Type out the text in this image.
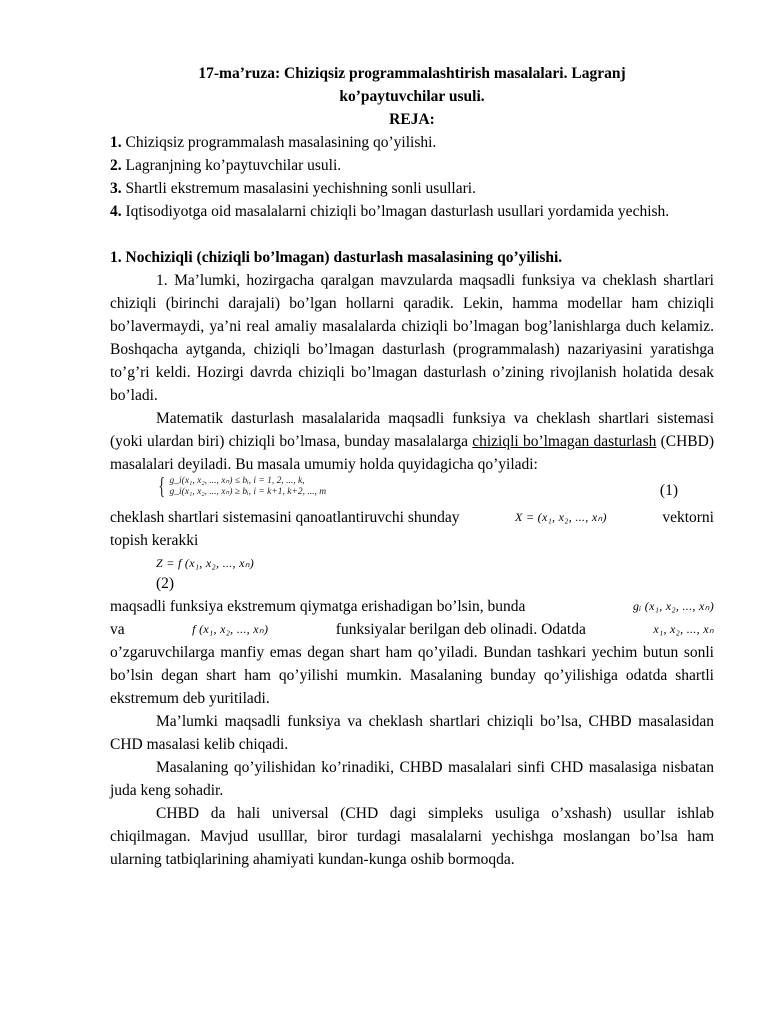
17-ma’ruza: Chiziqsiz programmalashtirish masalalari. Lagranj
ko’paytuvchilar usuli.
REJA:
1. Chiziqsiz programmalash masalasining qo’yilishi.
2. Lagranjning ko’paytuvchilar usuli.
3. Shartli ekstremum masalasini yechishning sonli usullari.
4. Iqtisodiyotga oid masalalarni chiziqli bo’lmagan dasturlash usullari yordamida yechish.
1. Nochiziqli (chiziqli bo’lmagan) dasturlash masalasining qo’yilishi.

1. Ma’lumki, hozirgacha qaralgan mavzularda maqsadli funksiya va cheklash shartlari chiziqli (birinchi darajali) bo’lgan hollarni qaradik. Lekin, hamma modellar ham chiziqli bo’lavermaydi, ya’ni real amaliy masalalarda chiziqli bo’lmagan bog’lanishlarga duch kelamiz. Boshqacha aytganda, chiziqli bo’lmagan dasturlash (programmalash) nazariyasini yaratishga to’g’ri keldi. Hozirgi davrda chiziqli bo’lmagan dasturlash o’zining rivojlanish holatida desak bo’ladi.

Matematik dasturlash masalalarida maqsadli funksiya va cheklash shartlari sistemasi (yoki ulardan biri) chiziqli bo’lmasa, bunday masalalarga chiziqli bo’lmagan dasturlash (CHBD) masalalari deyiladi. Bu masala umumiy holda quyidagicha qo’yiladi:

{ g_i(x₁, x₂, ..., xₙ) ≤ bᵢ, i = 1, 2, ..., k,
g_i(x₁, x₂, ..., xₙ) ≥ bᵢ, i = k+1, k+2, ..., m	(1)
cheklash shartlari sistemasini qanoatlantiruvchi shunday	X = (x₁, x₂, ..., xₙ)	vektorni
topish kerakki
Z = f (x₁, x₂, ..., xₙ)
(2)
maqsadli funksiya ekstremum qiymatga erishadigan bo’lsin, bunda	gᵢ (x₁, x₂, ..., xₙ)
va	f (x₁, x₂, ..., xₙ)	funksiyalar berilgan deb olinadi. Odatda	x₁, x₂, ..., xₙ

o’zgaruvchilarga manfiy emas degan shart ham qo’yiladi. Bundan tashkari yechim butun sonli bo’lsin degan shart ham qo’yilishi mumkin. Masalaning bunday qo’yilishiga odatda shartli ekstremum deb yuritiladi.

Ma’lumki maqsadli funksiya va cheklash shartlari chiziqli bo’lsa, CHBD masalasidan CHD masalasi kelib chiqadi.

Masalaning qo’yilishidan ko’rinadiki, CHBD masalalari sinfi CHD masalasiga nisbatan juda keng sohadir.

CHBD da hali universal (CHD dagi simpleks usuliga o’xshash) usullar ishlab chiqilmagan. Mavjud usulllar, biror turdagi masalalarni yechishga moslangan bo’lsa ham ularning tatbiqlarining ahamiyati kundan-kunga oshib bormoqda.
